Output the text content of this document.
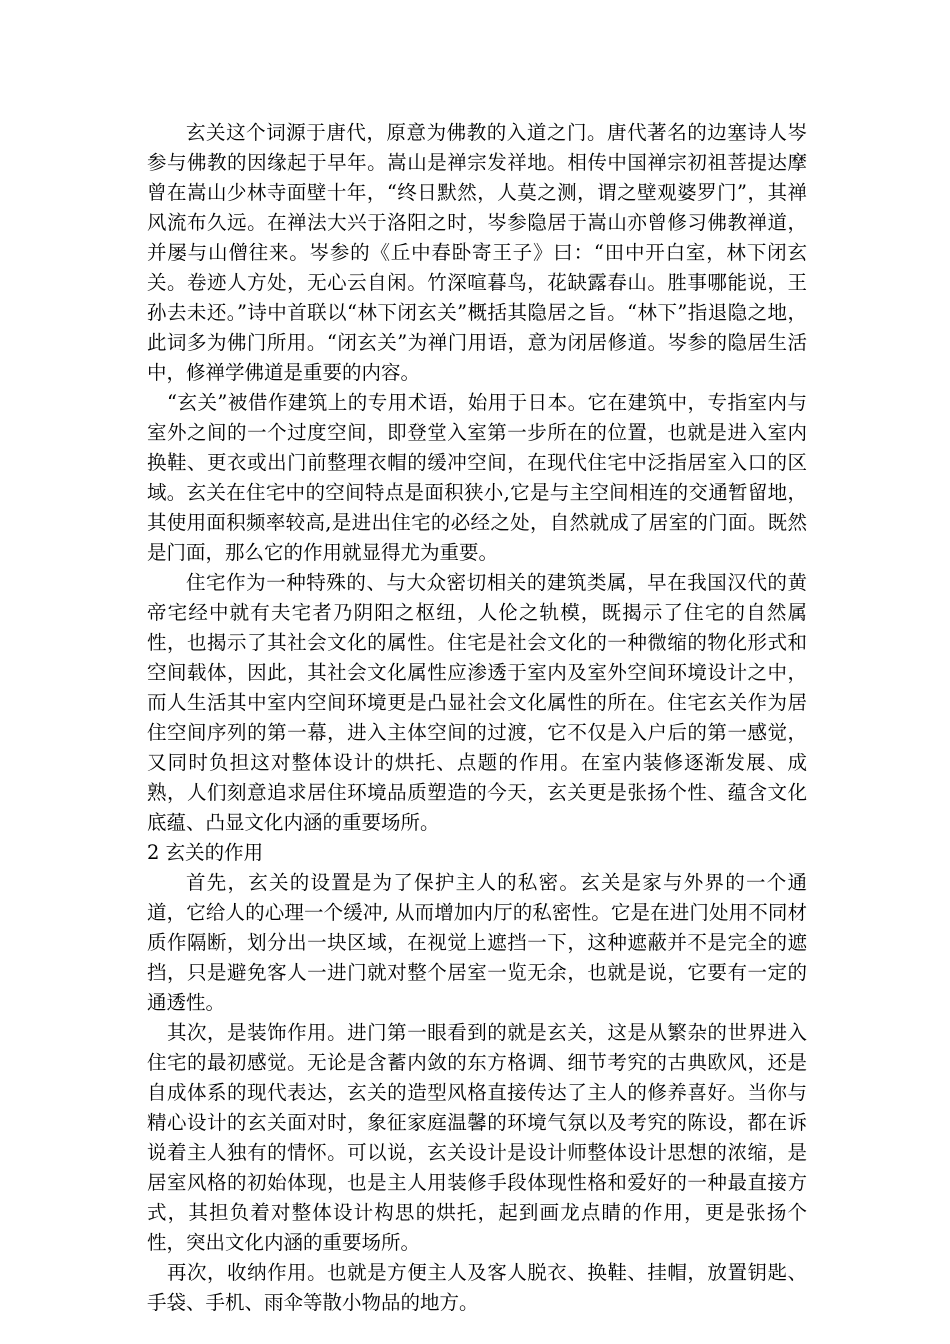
玄关这个词源于唐代，原意为佛教的入道之门。唐代著名的边塞诗人岑参与佛教的因缘起于早年。嵩山是禅宗发祥地。相传中国禅宗初祖菩提达摩曾在嵩山少林寺面壁十年，“终日默然，人莫之测，谓之壁观婆罗门”，其禅风流布久远。在禅法大兴于洛阳之时，岑参隐居于嵩山亦曾修习佛教禅道，并屡与山僧往来。岑参的《丘中春卧寄王子》曰：“田中开白室，林下闭玄关。卷迹人方处，无心云自闲。竹深喧暮鸟，花缺露春山。胜事哪能说，王孙去未还。”诗中首联以“林下闭玄关”概括其隐居之旨。“林下”指退隐之地，此词多为佛门所用。“闭玄关”为禅门用语，意为闭居修道。岑参的隐居生活中，修禅学佛道是重要的内容。

“玄关”被借作建筑上的专用术语，始用于日本。它在建筑中，专指室内与室外之间的一个过度空间，即登堂入室第一步所在的位置，也就是进入室内换鞋、更衣或出门前整理衣帽的缓冲空间，在现代住宅中泛指居室入口的区域。玄关在住宅中的空间特点是面积狭小,它是与主空间相连的交通暂留地，其使用面积频率较高,是进出住宅的必经之处，自然就成了居室的门面。既然是门面，那么它的作用就显得尤为重要。

住宅作为一种特殊的、与大众密切相关的建筑类属，早在我国汉代的黄帝宅经中就有夫宅者乃阴阳之枢纽，人伦之轨模，既揭示了住宅的自然属性，也揭示了其社会文化的属性。住宅是社会文化的一种微缩的物化形式和空间载体，因此，其社会文化属性应渗透于室内及室外空间环境设计之中，而人生活其中室内空间环境更是凸显社会文化属性的所在。住宅玄关作为居住空间序列的第一幕，进入主体空间的过渡，它不仅是入户后的第一感觉，又同时负担这对整体设计的烘托、点题的作用。在室内装修逐渐发展、成熟，人们刻意追求居住环境品质塑造的今天，玄关更是张扬个性、蕴含文化底蕴、凸显文化内涵的重要场所。

2 玄关的作用

首先，玄关的设置是为了保护主人的私密。玄关是家与外界的一个通道，它给人的心理一个缓冲, 从而增加内厅的私密性。它是在进门处用不同材质作隔断，划分出一块区域，在视觉上遮挡一下，这种遮蔽并不是完全的遮挡，只是避免客人一进门就对整个居室一览无余，也就是说，它要有一定的通透性。

其次，是装饰作用。进门第一眼看到的就是玄关，这是从繁杂的世界进入住宅的最初感觉。无论是含蓄内敛的东方格调、细节考究的古典欧风，还是自成体系的现代表达，玄关的造型风格直接传达了主人的修养喜好。当你与精心设计的玄关面对时，象征家庭温馨的环境气氛以及考究的陈设，都在诉说着主人独有的情怀。可以说，玄关设计是设计师整体设计思想的浓缩，是居室风格的初始体现，也是主人用装修手段体现性格和爱好的一种最直接方式，其担负着对整体设计构思的烘托，起到画龙点睛的作用，更是张扬个性，突出文化内涵的重要场所。

再次，收纳作用。也就是方便主人及客人脱衣、换鞋、挂帽，放置钥匙、手袋、手机、雨伞等散小物品的地方。
